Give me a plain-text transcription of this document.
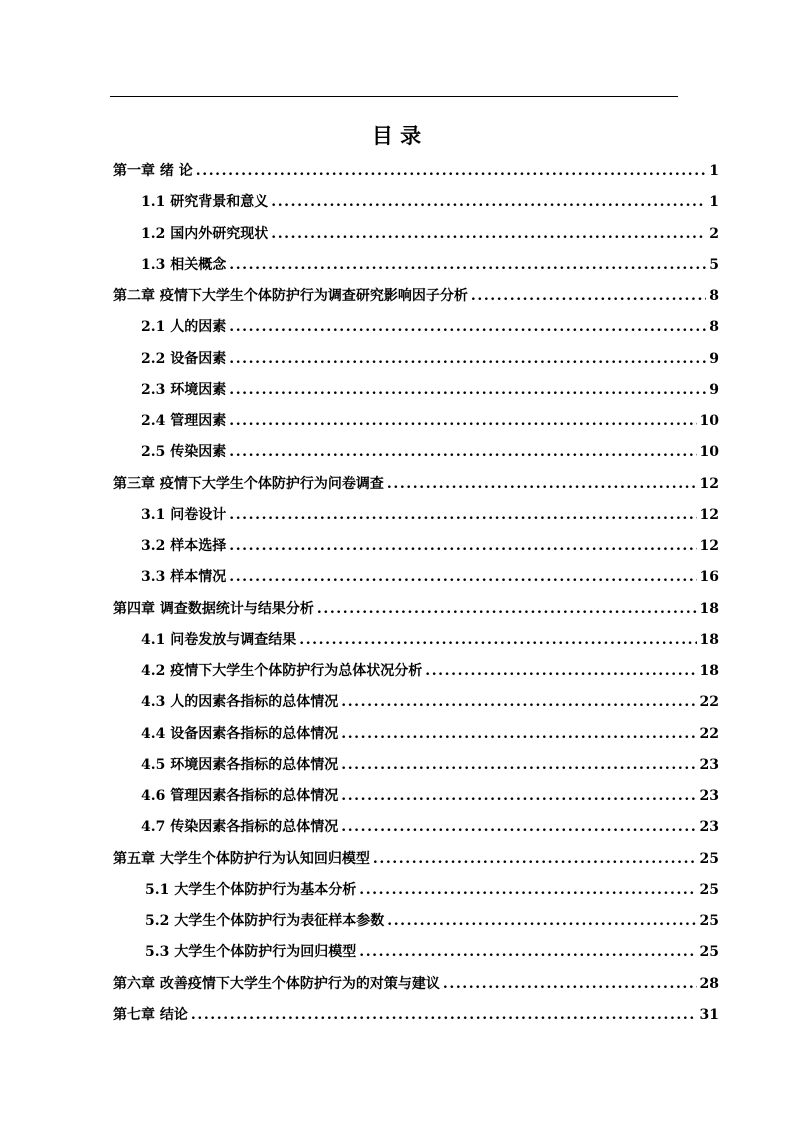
目 录
第一章 绪 论 .....	1
1.1 研究背景和意义 .....	1
1.2 国内外研究现状 .....	2
1.3 相关概念 .....	5
第二章 疫情下大学生个体防护行为调查研究影响因子分析 .....	8
2.1 人的因素 .....	8
2.2 设备因素 .....	9
2.3 环境因素 .....	9
2.4 管理因素 .....	10
2.5 传染因素 .....	10
第三章 疫情下大学生个体防护行为问卷调查 .....	12
3.1 问卷设计 .....	12
3.2 样本选择 .....	12
3.3 样本情况 .....	16
第四章 调查数据统计与结果分析 .....	18
4.1 问卷发放与调查结果 .....	18
4.2 疫情下大学生个体防护行为总体状况分析 .....	18
4.3 人的因素各指标的总体情况 .....	22
4.4 设备因素各指标的总体情况 .....	22
4.5 环境因素各指标的总体情况 .....	23
4.6 管理因素各指标的总体情况 .....	23
4.7 传染因素各指标的总体情况 .....	23
第五章 大学生个体防护行为认知回归模型 .....	25
5.1 大学生个体防护行为基本分析 .....	25
5.2 大学生个体防护行为表征样本参数 .....	25
5.3 大学生个体防护行为回归模型 .....	25
第六章 改善疫情下大学生个体防护行为的对策与建议 .....	28
第七章 结论 .....	31
